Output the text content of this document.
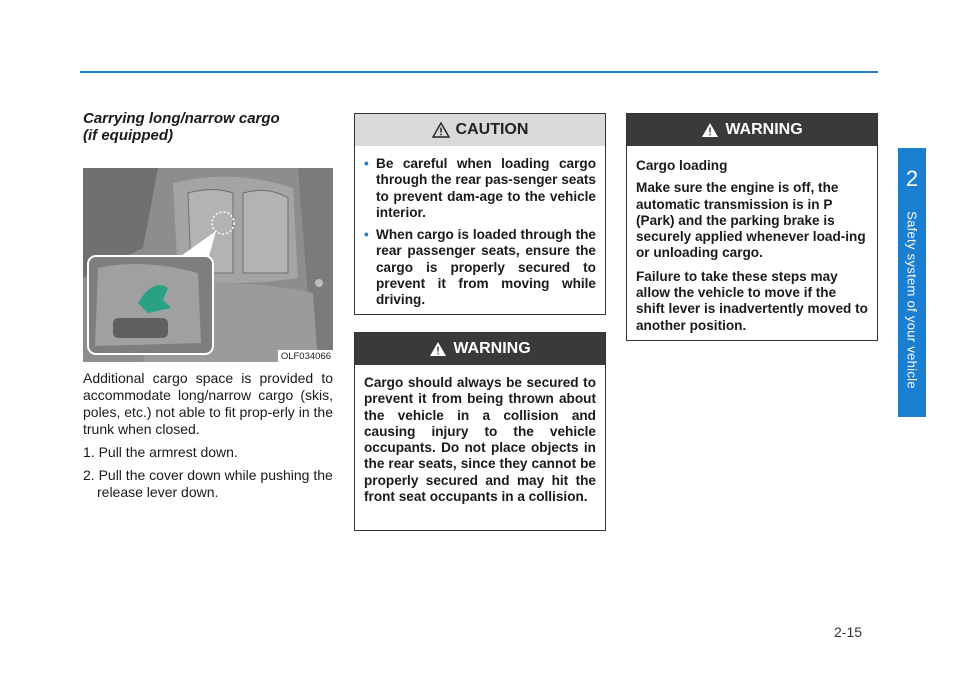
2
Safety system of your vehicle

Carrying long/narrow cargo
(if equipped)

OLF034066

Additional cargo space is provided to accommodate long/narrow cargo (skis, poles, etc.) not able to fit prop-erly in the trunk when closed.

1. Pull the armrest down.

2. Pull the cover down while pushing the release lever down.

CAUTION
• Be careful when loading cargo through the rear pas-senger seats to prevent dam-age to the vehicle interior.
• When cargo is loaded through the rear passenger seats, ensure the cargo is properly secured to prevent it from moving while driving.
WARNING

Cargo should always be secured to prevent it from being thrown about the vehicle in a collision and causing injury to the vehicle occupants. Do not place objects in the rear seats, since they cannot be properly secured and may hit the front seat occupants in a collision.

WARNING

Cargo loading

Make sure the engine is off, the automatic transmission is in P (Park) and the parking brake is securely applied whenever load-ing or unloading cargo.

Failure to take these steps may allow the vehicle to move if the shift lever is inadvertently moved to another position.

2-15
